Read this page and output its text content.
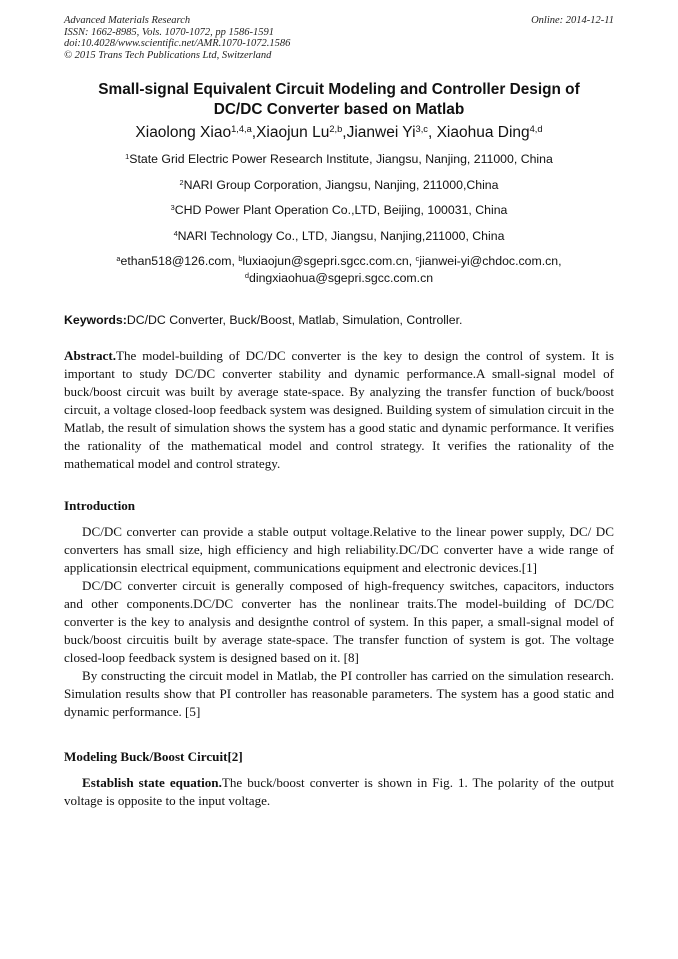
Advanced Materials Research
ISSN: 1662-8985, Vols. 1070-1072, pp 1586-1591
doi:10.4028/www.scientific.net/AMR.1070-1072.1586
© 2015 Trans Tech Publications Ltd, Switzerland
Online: 2014-12-11
Small-signal Equivalent Circuit Modeling and Controller Design of
DC/DC Converter based on Matlab
Xiaolong Xiao$^{1,4,a}$,Xiaojun Lu$^{2,b}$,Jianwei Yi$^{3,c}$, Xiaohua Ding$^{4,d}$
$^1$State Grid Electric Power Research Institute, Jiangsu, Nanjing, 211000, China
$^2$NARI Group Corporation, Jiangsu, Nanjing, 211000,China
$^3$CHD Power Plant Operation Co.,LTD, Beijing, 100031, China
$^4$NARI Technology Co., LTD, Jiangsu, Nanjing,211000, China
$^a$ethan518@126.com, $^b$luxiaojun@sgepri.sgcc.com.cn, $^c$jianwei-yi@chdoc.com.cn,
$^d$dingxiaohua@sgepri.sgcc.com.cn
Keywords:DC/DC Converter, Buck/Boost, Matlab, Simulation, Controller.

Abstract.The model-building of DC/DC converter is the key to design the control of system. It is important to study DC/DC converter stability and dynamic performance.A small-signal model of buck/boost circuit was built by average state-space. By analyzing the transfer function of buck/boost circuit, a voltage closed-loop feedback system was designed. Building system of simulation circuit in the Matlab, the result of simulation shows the system has a good static and dynamic performance. It verifies the rationality of the mathematical model and control strategy. It verifies the rationality of the mathematical model and control strategy.

Introduction

DC/DC converter can provide a stable output voltage.Relative to the linear power supply, DC/ DC converters has small size, high efficiency and high reliability.DC/DC converter have a wide range of applicationsin electrical equipment, communications equipment and electronic devices.[1]

DC/DC converter circuit is generally composed of high-frequency switches, capacitors, inductors and other components.DC/DC converter has the nonlinear traits.The model-building of DC/DC converter is the key to analysis and designthe control of system. In this paper, a small-signal model of buck/boost circuitis built by average state-space. The transfer function of system is got. The voltage closed-loop feedback system is designed based on it. [8]

By constructing the circuit model in Matlab, the PI controller has carried on the simulation research. Simulation results show that PI controller has reasonable parameters. The system has a good static and dynamic performance. [5]

Modeling Buck/Boost Circuit[2]

Establish state equation.The buck/boost converter is shown in Fig. 1. The polarity of the output voltage is opposite to the input voltage.
